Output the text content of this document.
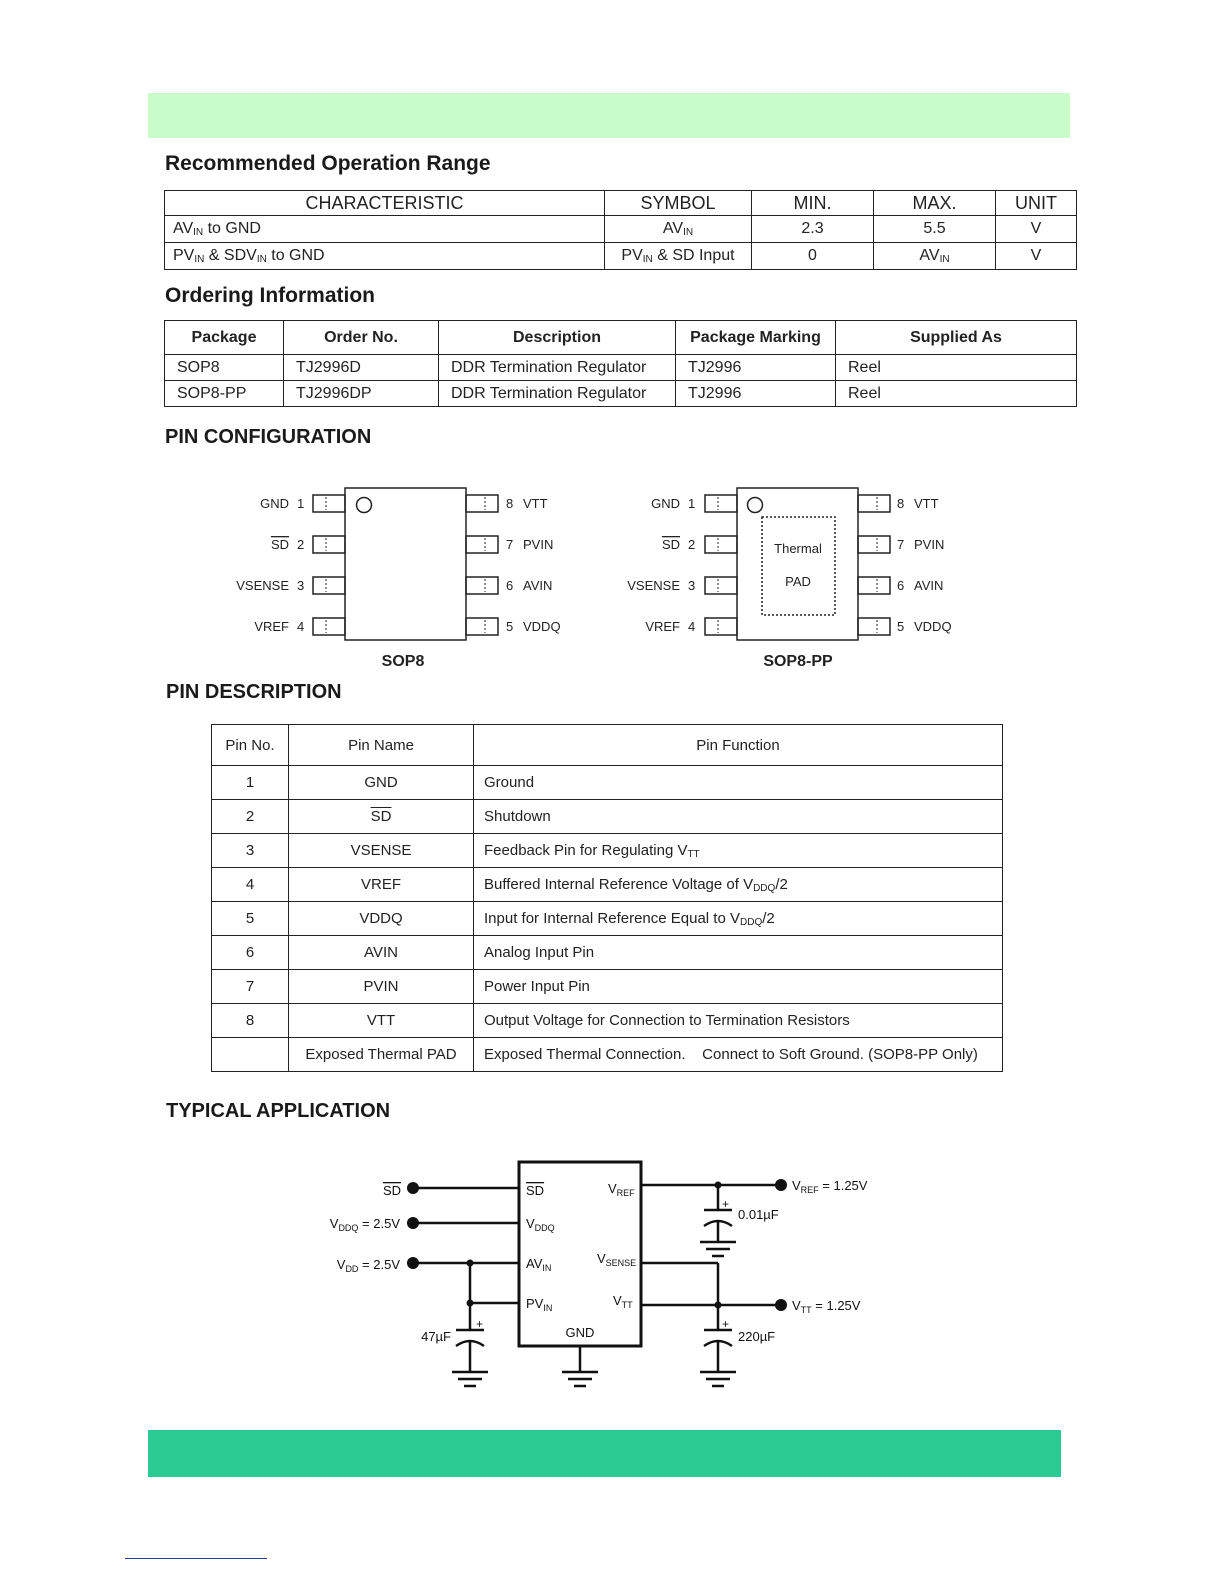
Recommended Operation Range
CHARACTERISTIC	SYMBOL	MIN.	MAX.	UNIT
$AV_{IN}$ to GND	$AV_{IN}$	2.3	5.5	V
$PV_{IN}$ & $SDV_{IN}$ to GND	$PV_{IN}$ & SD Input	0	$AV_{IN}$	V
Ordering Information
Package	Order No.	Description	Package Marking	Supplied As
SOP8	TJ2996D	DDR Termination Regulator	TJ2996	Reel
SOP8-PP	TJ2996DP	DDR Termination Regulator	TJ2996	Reel
PIN CONFIGURATION
GND 1
SD 2
VSENSE 3
VREF 4
8 VTT
7 PVIN
6 AVIN
5 VDDQ
SOP8
Thermal
PAD
GND 1
SD 2
VSENSE 3
VREF 4
8 VTT
7 PVIN
6 AVIN
5 VDDQ
SOP8-PP
PIN DESCRIPTION
Pin No.	Pin Name	Pin Function
1	GND	Ground
2	$\overline{SD}$	Shutdown
3	VSENSE	Feedback Pin for Regulating $V_{TT}$
4	VREF	Buffered Internal Reference Voltage of $V_{DDQ}/2$
5	VDDQ	Input for Internal Reference Equal to $V_{DDQ}/2$
6	AVIN	Analog Input Pin
7	PVIN	Power Input Pin
8	VTT	Output Voltage for Connection to Termination Resistors
	Exposed Thermal PAD	Exposed Thermal Connection.    Connect to Soft Ground. (SOP8-PP Only)
TYPICAL APPLICATION
SD
$V_{DDQ} = 2.5V$
$V_{DD} = 2.5V$
47µF
+
SD
$V_{DDQ}$
$AV_{IN}$
$PV_{IN}$
GND
$V_{REF}$
$V_{SENSE}$
$V_{TT}$
$V_{REF} = 1.25V$
0.01µF
+
$V_{TT} = 1.25V$
220µF
+
